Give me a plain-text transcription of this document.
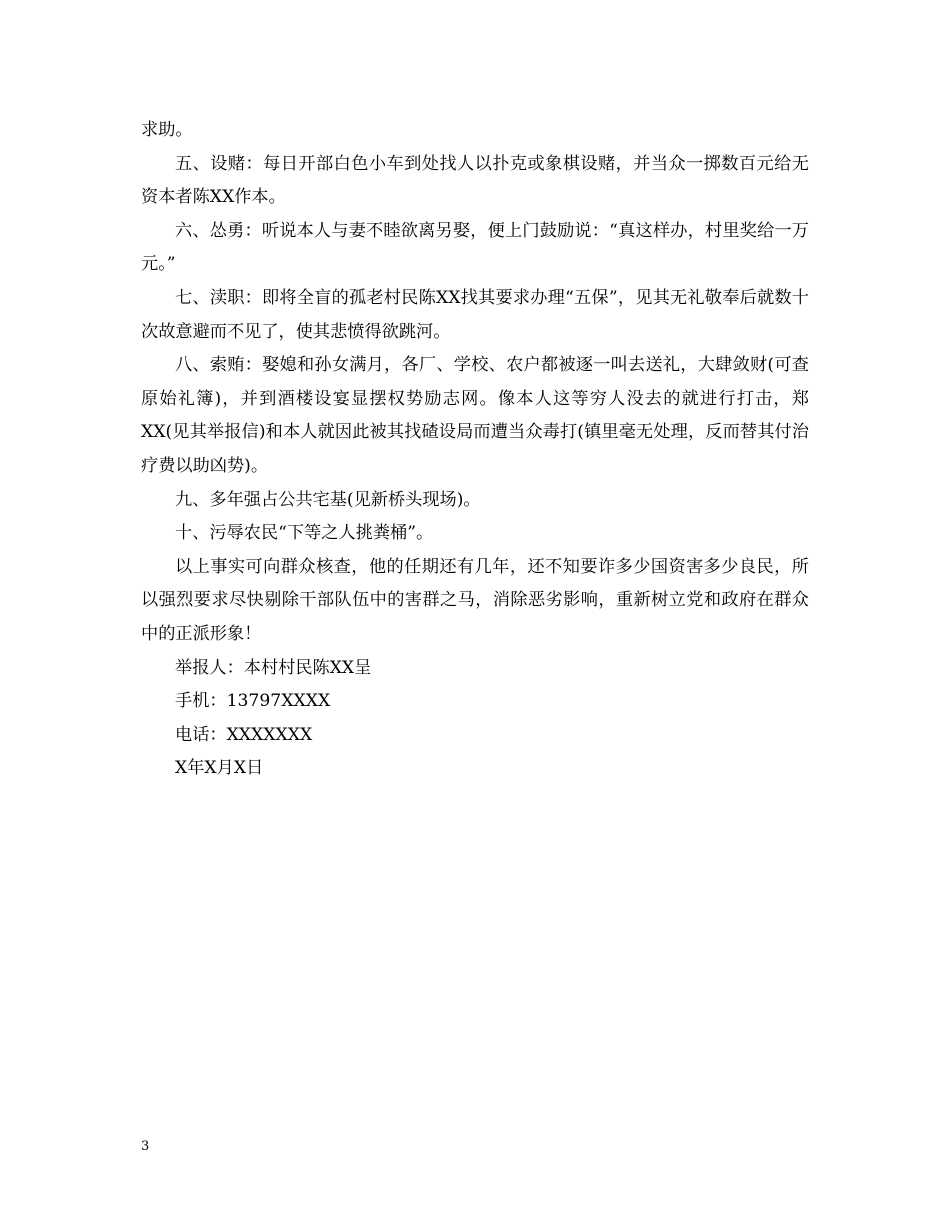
求助。

五、设赌：每日开部白色小车到处找人以扑克或象棋设赌，并当众一掷数百元给无资本者陈XX作本。

六、怂勇：听说本人与妻不睦欲离另娶，便上门鼓励说：“真这样办，村里奖给一万元。”

七、渎职：即将全盲的孤老村民陈XX找其要求办理“五保”，见其无礼敬奉后就数十次故意避而不见了，使其悲愤得欲跳河。

八、索贿：娶媳和孙女满月，各厂、学校、农户都被逐一叫去送礼，大肆敛财(可查原始礼簿)，并到酒楼设宴显摆权势励志网。像本人这等穷人没去的就进行打击，郑XX(见其举报信)和本人就因此被其找碴设局而遭当众毒打(镇里毫无处理，反而替其付治疗费以助凶势)。

九、多年强占公共宅基(见新桥头现场)。

十、污辱农民“下等之人挑粪桶”。

以上事实可向群众核查，他的任期还有几年，还不知要诈多少国资害多少良民，所以强烈要求尽快剔除干部队伍中的害群之马，消除恶劣影响，重新树立党和政府在群众中的正派形象！

举报人：本村村民陈XX呈

手机：13797XXXX

电话：XXXXXXX

X年X月X日

3
